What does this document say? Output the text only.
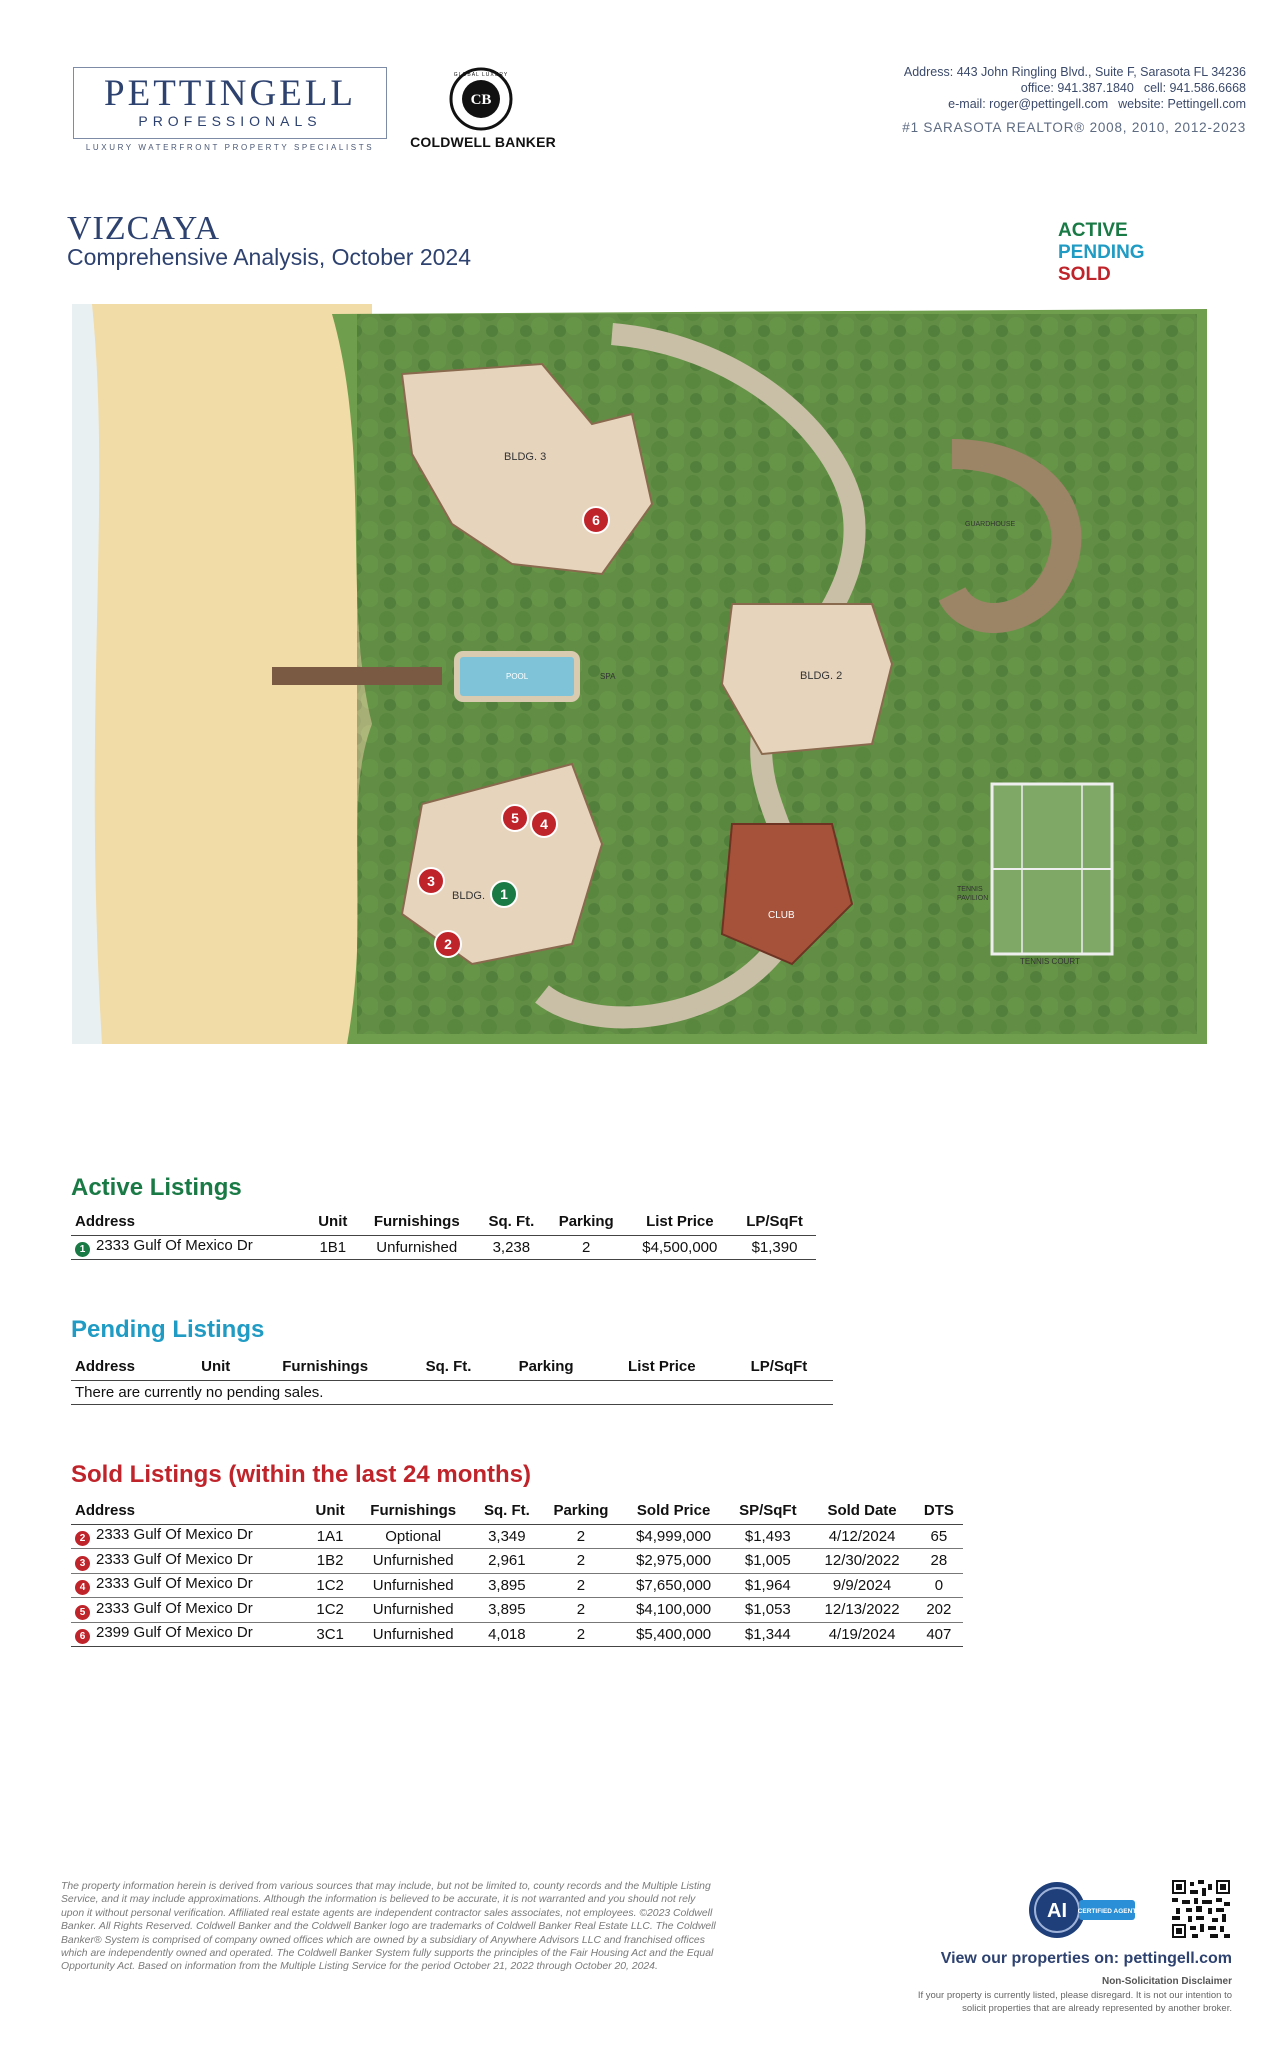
PETTINGELL
PROFESSIONALS
LUXURY WATERFRONT PROPERTY SPECIALISTS
CB
GLOBAL LUXURY
COLDWELL BANKER
Address: 443 John Ringling Blvd., Suite F, Sarasota FL 34236
office: 941.387.1840 cell: 941.586.6668
e-mail: roger@pettingell.com website: Pettingell.com
#1 SARASOTA REALTOR® 2008, 2010, 2012-2023
VIZCAYA
Comprehensive Analysis, October 2024
ACTIVE
PENDING
SOLD
BLDG. 3
BLDG. 2
BLDG.
POOL	SPA
GUARDHOUSE
CLUB
TENNIS
PAVILION
TENNIS COURT
1
2
3
4
5
6
Active Listings
Address	Unit	Furnishings	Sq. Ft.	Parking	List Price	LP/SqFt
1 2333 Gulf Of Mexico Dr	1B1	Unfurnished	3,238	2	$4,500,000	$1,390
Pending Listings
Address	Unit	Furnishings	Sq. Ft.	Parking	List Price	LP/SqFt
There are currently no pending sales.
Sold Listings (within the last 24 months)
Address	Unit	Furnishings	Sq. Ft.	Parking	Sold Price	SP/SqFt	Sold Date	DTS
2 2333 Gulf Of Mexico Dr	1A1	Optional	3,349	2	$4,999,000	$1,493	4/12/2024	65
3 2333 Gulf Of Mexico Dr	1B2	Unfurnished	2,961	2	$2,975,000	$1,005	12/30/2022	28
4 2333 Gulf Of Mexico Dr	1C2	Unfurnished	3,895	2	$7,650,000	$1,964	9/9/2024	0
5 2333 Gulf Of Mexico Dr	1C2	Unfurnished	3,895	2	$4,100,000	$1,053	12/13/2022	202
6 2399 Gulf Of Mexico Dr	3C1	Unfurnished	4,018	2	$5,400,000	$1,344	4/19/2024	407
The property information herein is derived from various sources that may include, but not be limited to, county records and the Multiple Listing Service, and it may include approximations. Although the information is believed to be accurate, it is not warranted and you should not rely upon it without personal verification. Affiliated real estate agents are independent contractor sales associates, not employees. ©2023 Coldwell Banker. All Rights Reserved. Coldwell Banker and the Coldwell Banker logo are trademarks of Coldwell Banker Real Estate LLC. The Coldwell Banker® System is comprised of company owned offices which are owned by a subsidiary of Anywhere Advisors LLC and franchised offices which are independently owned and operated. The Coldwell Banker System fully supports the principles of the Fair Housing Act and the Equal Opportunity Act. Based on information from the Multiple Listing Service for the period October 21, 2022 through October 20, 2024.
AI CERTIFIED AGENT
View our properties on: pettingell.com
Non-Solicitation Disclaimer
If your property is currently listed, please disregard. It is not our intention to solicit properties that are already represented by another broker.
